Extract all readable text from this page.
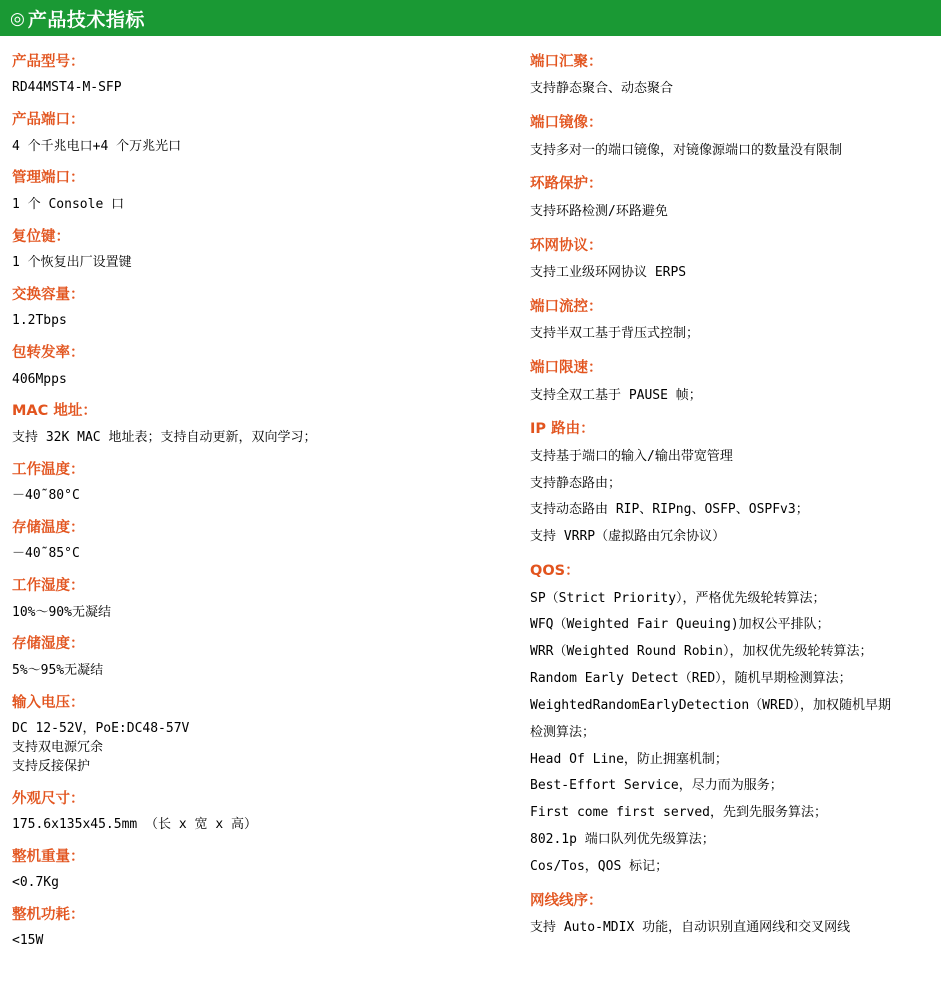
◎ 产品技术指标
产品型号：
RD44MST4-M-SFP
产品端口：
4 个千兆电口+4 个万兆光口
管理端口：
1 个 Console 口
复位键：
1 个恢复出厂设置键
交换容量：
1.2Tbps
包转发率：
406Mpps
MAC 地址：
支持 32K MAC 地址表；支持自动更新，双向学习；
工作温度：
－40˜80°C
存储温度：
－40˜85°C
工作湿度：
10%～90%无凝结
存储湿度：
5%～95%无凝结
输入电压：
DC 12-52V，PoE:DC48-57V
支持双电源冗余
支持反接保护
外观尺寸：
175.6x135x45.5mm （长 x 宽 x 高）
整机重量：
<0.7Kg
整机功耗：
<15W
端口汇聚：
支持静态聚合、动态聚合
端口镜像：
支持多对一的端口镜像，对镜像源端口的数量没有限制
环路保护：
支持环路检测/环路避免
环网协议：
支持工业级环网协议 ERPS
端口流控：
支持半双工基于背压式控制；
端口限速：
支持全双工基于 PAUSE 帧；
IP 路由：
支持基于端口的输入/输出带宽管理
支持静态路由；
支持动态路由 RIP、RIPng、OSFP、OSPFv3；
支持 VRRP（虚拟路由冗余协议）
QOS：
SP（Strict Priority），严格优先级轮转算法；
WFQ（Weighted Fair Queuing)加权公平排队；
WRR（Weighted Round Robin），加权优先级轮转算法；
Random Early Detect（RED），随机早期检测算法；
WeightedRandomEarlyDetection（WRED），加权随机早期
检测算法；
Head Of Line，防止拥塞机制；
Best-Effort Service，尽力而为服务；
First come first served，先到先服务算法；
802.1p 端口队列优先级算法；
Cos/Tos，QOS 标记；
网线线序：
支持 Auto-MDIX 功能，自动识别直通网线和交叉网线
